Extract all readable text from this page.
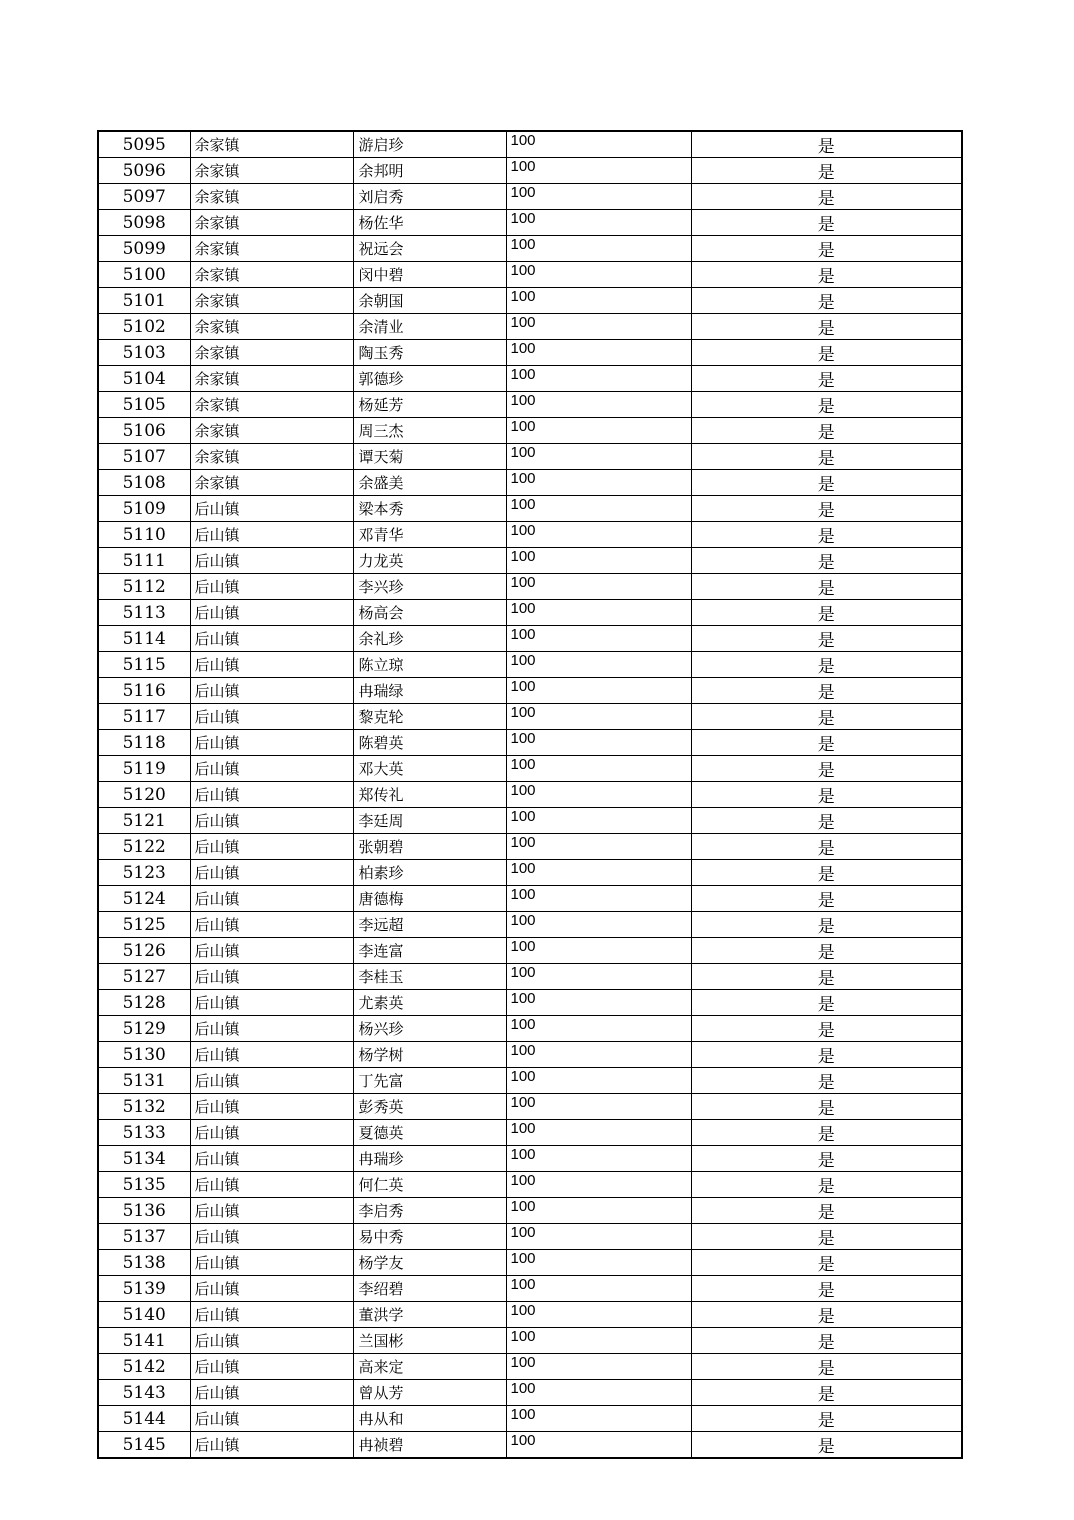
5095	余家镇	游启珍	100	是
5096	余家镇	余邦明	100	是
5097	余家镇	刘启秀	100	是
5098	余家镇	杨佐华	100	是
5099	余家镇	祝远会	100	是
5100	余家镇	闵中碧	100	是
5101	余家镇	余朝国	100	是
5102	余家镇	余清业	100	是
5103	余家镇	陶玉秀	100	是
5104	余家镇	郭德珍	100	是
5105	余家镇	杨延芳	100	是
5106	余家镇	周三杰	100	是
5107	余家镇	谭天菊	100	是
5108	余家镇	余盛美	100	是
5109	后山镇	梁本秀	100	是
5110	后山镇	邓青华	100	是
5111	后山镇	力龙英	100	是
5112	后山镇	李兴珍	100	是
5113	后山镇	杨高会	100	是
5114	后山镇	余礼珍	100	是
5115	后山镇	陈立琼	100	是
5116	后山镇	冉瑞绿	100	是
5117	后山镇	黎克轮	100	是
5118	后山镇	陈碧英	100	是
5119	后山镇	邓大英	100	是
5120	后山镇	郑传礼	100	是
5121	后山镇	李廷周	100	是
5122	后山镇	张朝碧	100	是
5123	后山镇	柏素珍	100	是
5124	后山镇	唐德梅	100	是
5125	后山镇	李远超	100	是
5126	后山镇	李连富	100	是
5127	后山镇	李桂玉	100	是
5128	后山镇	尤素英	100	是
5129	后山镇	杨兴珍	100	是
5130	后山镇	杨学树	100	是
5131	后山镇	丁先富	100	是
5132	后山镇	彭秀英	100	是
5133	后山镇	夏德英	100	是
5134	后山镇	冉瑞珍	100	是
5135	后山镇	何仁英	100	是
5136	后山镇	李启秀	100	是
5137	后山镇	易中秀	100	是
5138	后山镇	杨学友	100	是
5139	后山镇	李绍碧	100	是
5140	后山镇	董洪学	100	是
5141	后山镇	兰国彬	100	是
5142	后山镇	高来定	100	是
5143	后山镇	曾从芳	100	是
5144	后山镇	冉从和	100	是
5145	后山镇	冉祯碧	100	是
